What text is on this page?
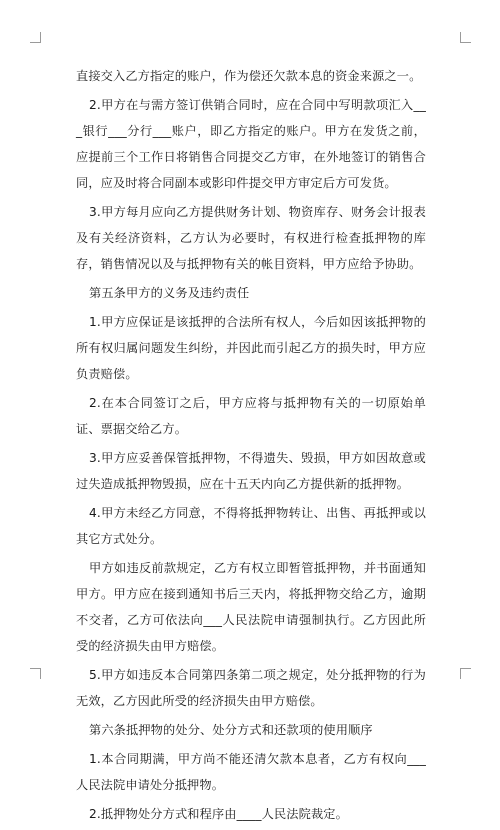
直接交入乙方指定的账户，作为偿还欠款本息的资金来源之一。

2.甲方在与需方签订供销合同时，应在合同中写明款项汇入___银行___分行___账户，即乙方指定的账户。甲方在发货之前，应提前三个工作日将销售合同提交乙方审，在外地签订的销售合同，应及时将合同副本或影印件提交甲方审定后方可发货。

3.甲方每月应向乙方提供财务计划、物资库存、财务会计报表及有关经济资料，乙方认为必要时，有权进行检查抵押物的库存，销售情况以及与抵押物有关的帐目资料，甲方应给予协助。

第五条甲方的义务及违约责任

1.甲方应保证是该抵押的合法所有权人，今后如因该抵押物的所有权归属问题发生纠纷，并因此而引起乙方的损失时，甲方应负责赔偿。

2.在本合同签订之后，甲方应将与抵押物有关的一切原始单证、票据交给乙方。

3.甲方应妥善保管抵押物，不得遗失、毁损，甲方如因故意或过失造成抵押物毁损，应在十五天内向乙方提供新的抵押物。

4.甲方未经乙方同意，不得将抵押物转让、出售、再抵押或以其它方式处分。

甲方如违反前款规定，乙方有权立即暂管抵押物，并书面通知甲方。甲方应在接到通知书后三天内，将抵押物交给乙方，逾期不交者，乙方可依法向___人民法院申请强制执行。乙方因此所受的经济损失由甲方赔偿。

5.甲方如违反本合同第四条第二项之规定，处分抵押物的行为无效，乙方因此所受的经济损失由甲方赔偿。

第六条抵押物的处分、处分方式和还款项的使用顺序

1.本合同期满，甲方尚不能还清欠款本息者，乙方有权向___人民法院申请处分抵押物。

2.抵押物处分方式和程序由____人民法院裁定。
